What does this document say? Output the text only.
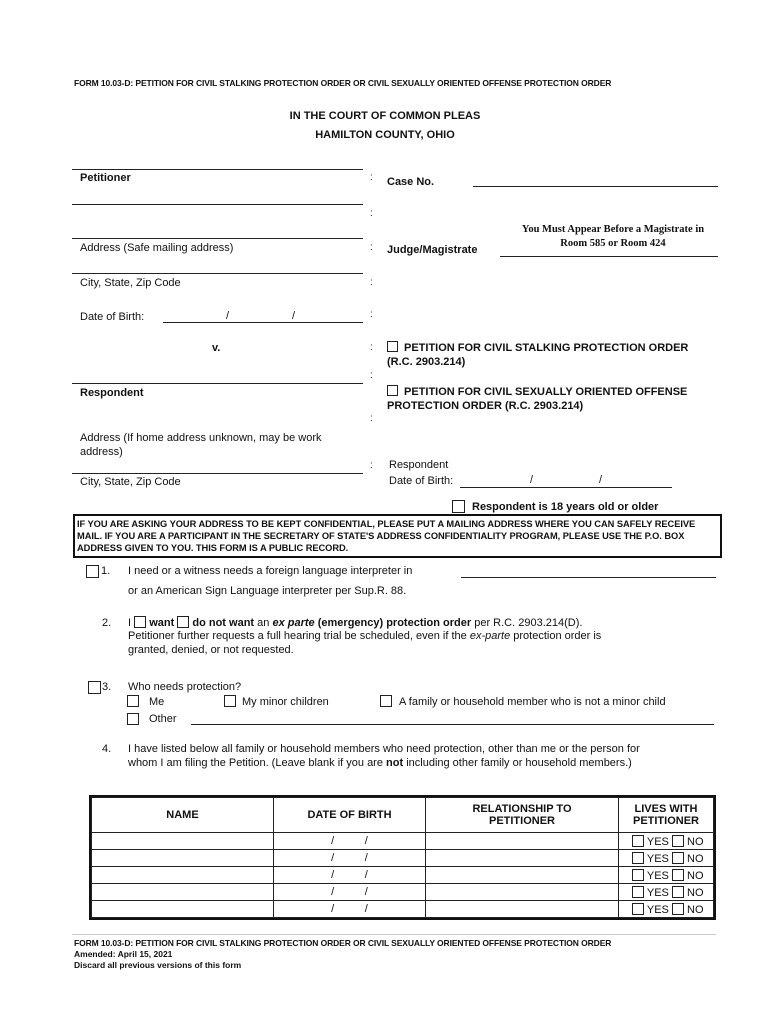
FORM 10.03-D: PETITION FOR CIVIL STALKING PROTECTION ORDER OR CIVIL SEXUALLY ORIENTED OFFENSE PROTECTION ORDER
IN THE COURT OF COMMON PLEAS
HAMILTON COUNTY, OHIO
Petitioner
Address (Safe mailing address)
City, State, Zip Code
Date of Birth:	/	/
v.
Respondent
Address (If home address unknown, may be work address)
City, State, Zip Code
:
:
:
:
:
:
:
:
:
Case No.
You Must Appear Before a Magistrate in Room 585 or Room 424
Judge/Magistrate
PETITION FOR CIVIL STALKING PROTECTION ORDER (R.C. 2903.214)
PETITION FOR CIVIL SEXUALLY ORIENTED OFFENSE PROTECTION ORDER (R.C. 2903.214)
Respondent
Date of Birth:	/	/
Respondent is 18 years old or older
IF YOU ARE ASKING YOUR ADDRESS TO BE KEPT CONFIDENTIAL, PLEASE PUT A MAILING ADDRESS WHERE YOU CAN SAFELY RECEIVE MAIL. IF YOU ARE A PARTICIPANT IN THE SECRETARY OF STATE'S ADDRESS CONFIDENTIALITY PROGRAM, PLEASE USE THE P.O. BOX ADDRESS GIVEN TO YOU. THIS FORM IS A PUBLIC RECORD.
1. I need or a witness needs a foreign language interpreter in
or an American Sign Language interpreter per Sup.R. 88.
2. I want do not want an ex parte (emergency) protection order per R.C. 2903.214(D).
Petitioner further requests a full hearing trial be scheduled, even if the ex-parte protection order is
granted, denied, or not requested.
3. Who needs protection?
Me	My minor children	A family or household member who is not a minor child
Other
4. I have listed below all family or household members who need protection, other than me or the person for
whom I am filing the Petition. (Leave blank if you are not including other family or household members.)
NAME	DATE OF BIRTH	RELATIONSHIP TO PETITIONER	LIVES WITH PETITIONER
	/          /		YES NO
	/          /		YES NO
	/          /		YES NO
	/          /		YES NO
	/          /		YES NO
FORM 10.03-D: PETITION FOR CIVIL STALKING PROTECTION ORDER OR CIVIL SEXUALLY ORIENTED OFFENSE PROTECTION ORDER
Amended: April 15, 2021
Discard all previous versions of this form
